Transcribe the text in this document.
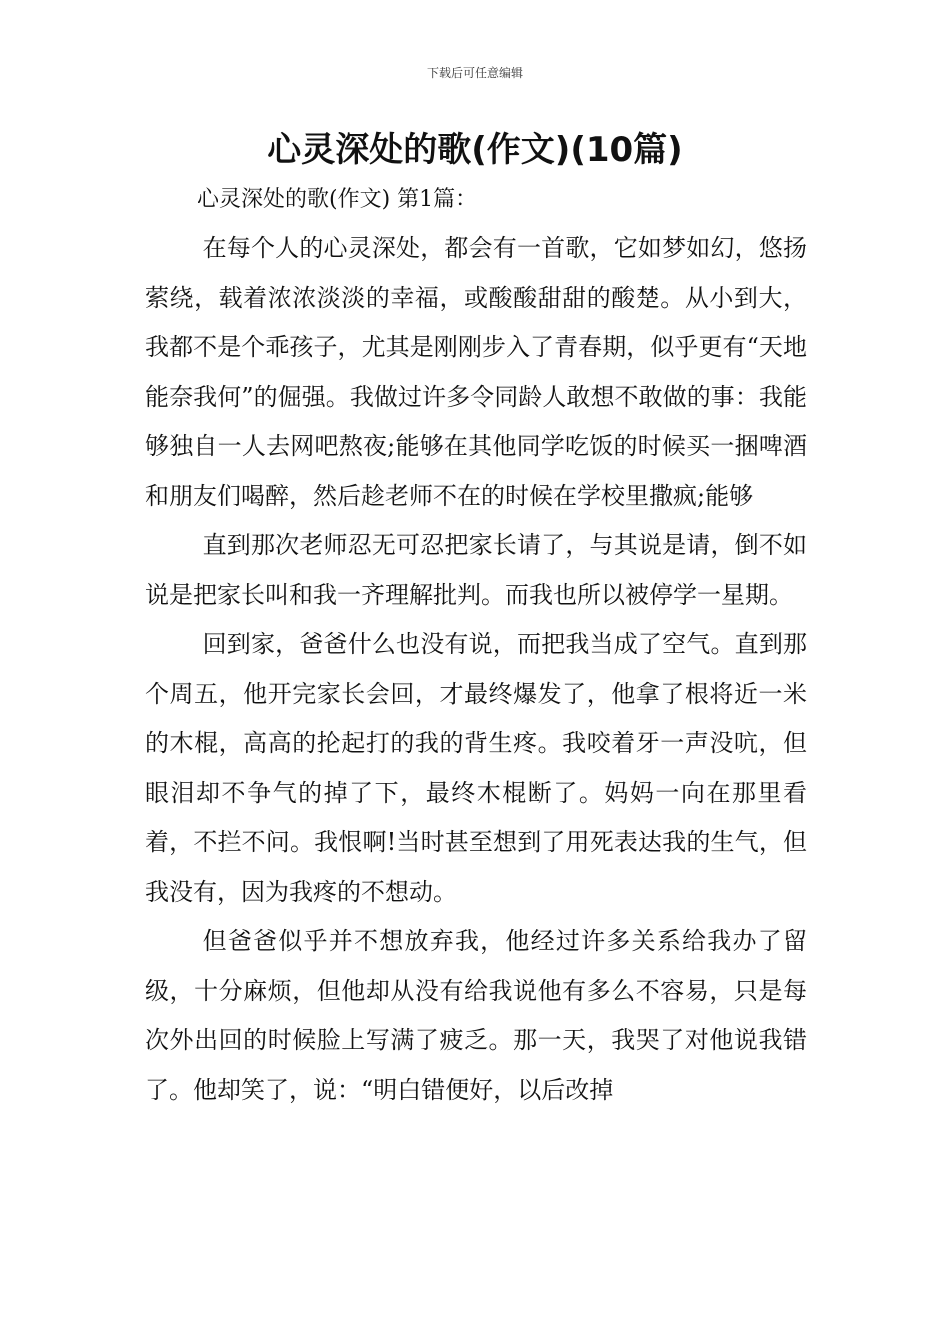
下载后可任意编辑
心灵深处的歌(作文)(10篇)
心灵深处的歌(作文) 第1篇：

在每个人的心灵深处，都会有一首歌，它如梦如幻，悠扬萦绕，载着浓浓淡淡的幸福，或酸酸甜甜的酸楚。从小到大，我都不是个乖孩子，尤其是刚刚步入了青春期，似乎更有“天地能奈我何”的倔强。我做过许多令同龄人敢想不敢做的事：我能够独自一人去网吧熬夜;能够在其他同学吃饭的时候买一捆啤酒和朋友们喝醉，然后趁老师不在的时候在学校里撒疯;能够

直到那次老师忍无可忍把家长请了，与其说是请，倒不如说是把家长叫和我一齐理解批判。而我也所以被停学一星期。

回到家，爸爸什么也没有说，而把我当成了空气。直到那个周五，他开完家长会回，才最终爆发了，他拿了根将近一米的木棍，高高的抡起打的我的背生疼。我咬着牙一声没吭，但眼泪却不争气的掉了下，最终木棍断了。妈妈一向在那里看着，不拦不问。我恨啊!当时甚至想到了用死表达我的生气，但我没有，因为我疼的不想动。

但爸爸似乎并不想放弃我，他经过许多关系给我办了留级，十分麻烦，但他却从没有给我说他有多么不容易，只是每次外出回的时候脸上写满了疲乏。那一天，我哭了对他说我错了。他却笑了，说：“明白错便好，以后改掉
